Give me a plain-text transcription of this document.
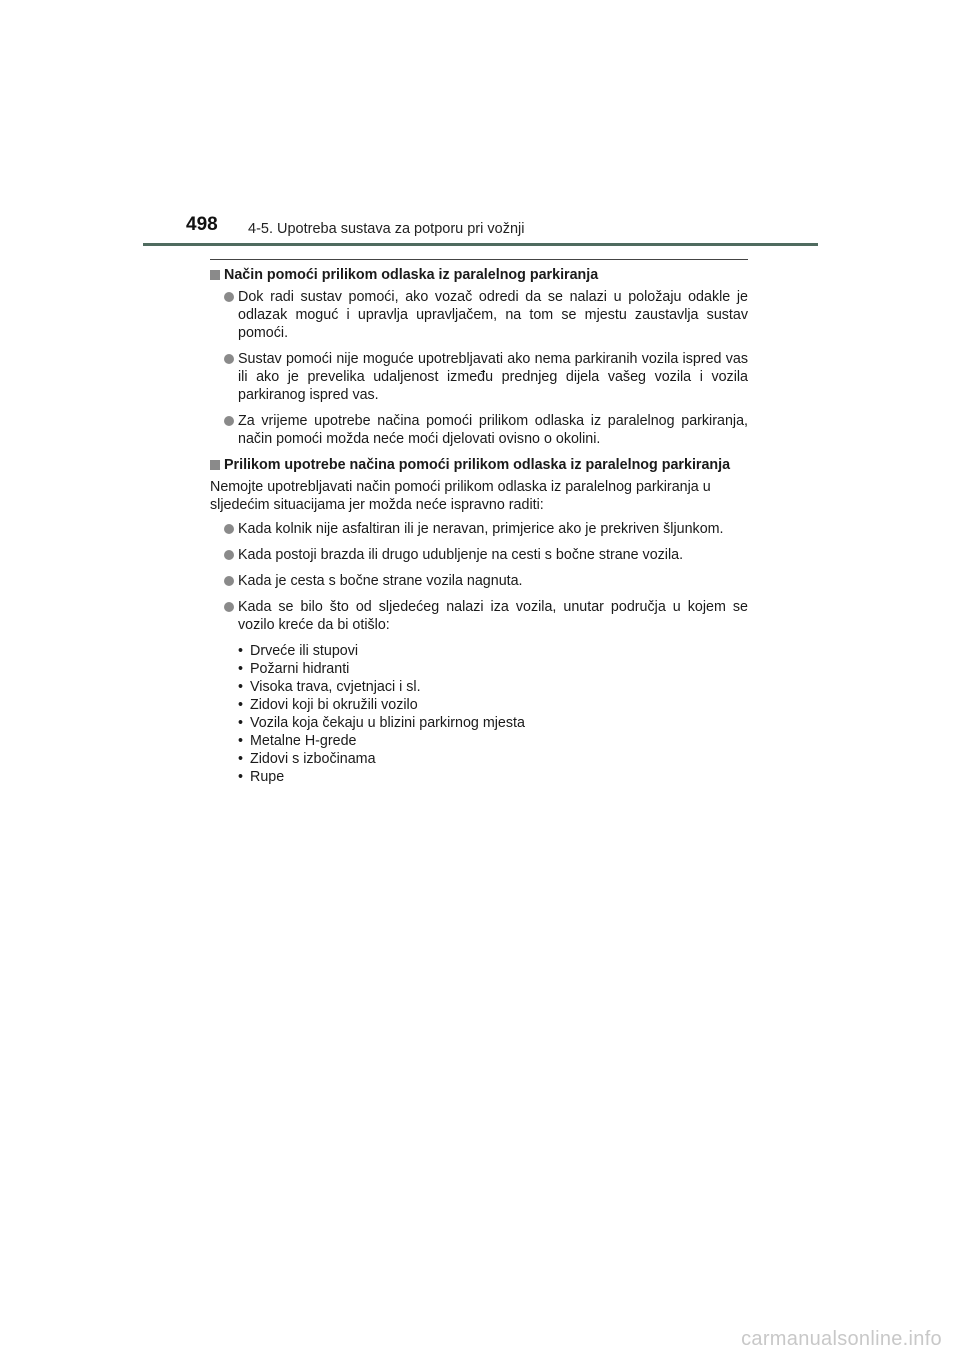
498 4-5. Upotreba sustava za potporu pri vožnji
Način pomoći prilikom odlaska iz paralelnog parkiranja
Dok radi sustav pomoći, ako vozač odredi da se nalazi u položaju odakle je odlazak moguć i upravlja upravljačem, na tom se mjestu zaustavlja sustav pomoći.
Sustav pomoći nije moguće upotrebljavati ako nema parkiranih vozila ispred vas ili ako je prevelika udaljenost između prednjeg dijela vašeg vozila i vozila parkiranog ispred vas.
Za vrijeme upotrebe načina pomoći prilikom odlaska iz paralelnog parkiranja, način pomoći možda neće moći djelovati ovisno o okolini.
Prilikom upotrebe načina pomoći prilikom odlaska iz paralelnog parkiranja
Nemojte upotrebljavati način pomoći prilikom odlaska iz paralelnog parkiranja u sljedećim situacijama jer možda neće ispravno raditi:
Kada kolnik nije asfaltiran ili je neravan, primjerice ako je prekriven šljunkom.
Kada postoji brazda ili drugo udubljenje na cesti s bočne strane vozila.
Kada je cesta s bočne strane vozila nagnuta.
Kada se bilo što od sljedećeg nalazi iza vozila, unutar područja u kojem se vozilo kreće da bi otišlo:
• Drveće ili stupovi
• Požarni hidranti
• Visoka trava, cvjetnjaci i sl.
• Zidovi koji bi okružili vozilo
• Vozila koja čekaju u blizini parkirnog mjesta
• Metalne H-grede
• Zidovi s izbočinama
• Rupe
carmanualsonline.info
